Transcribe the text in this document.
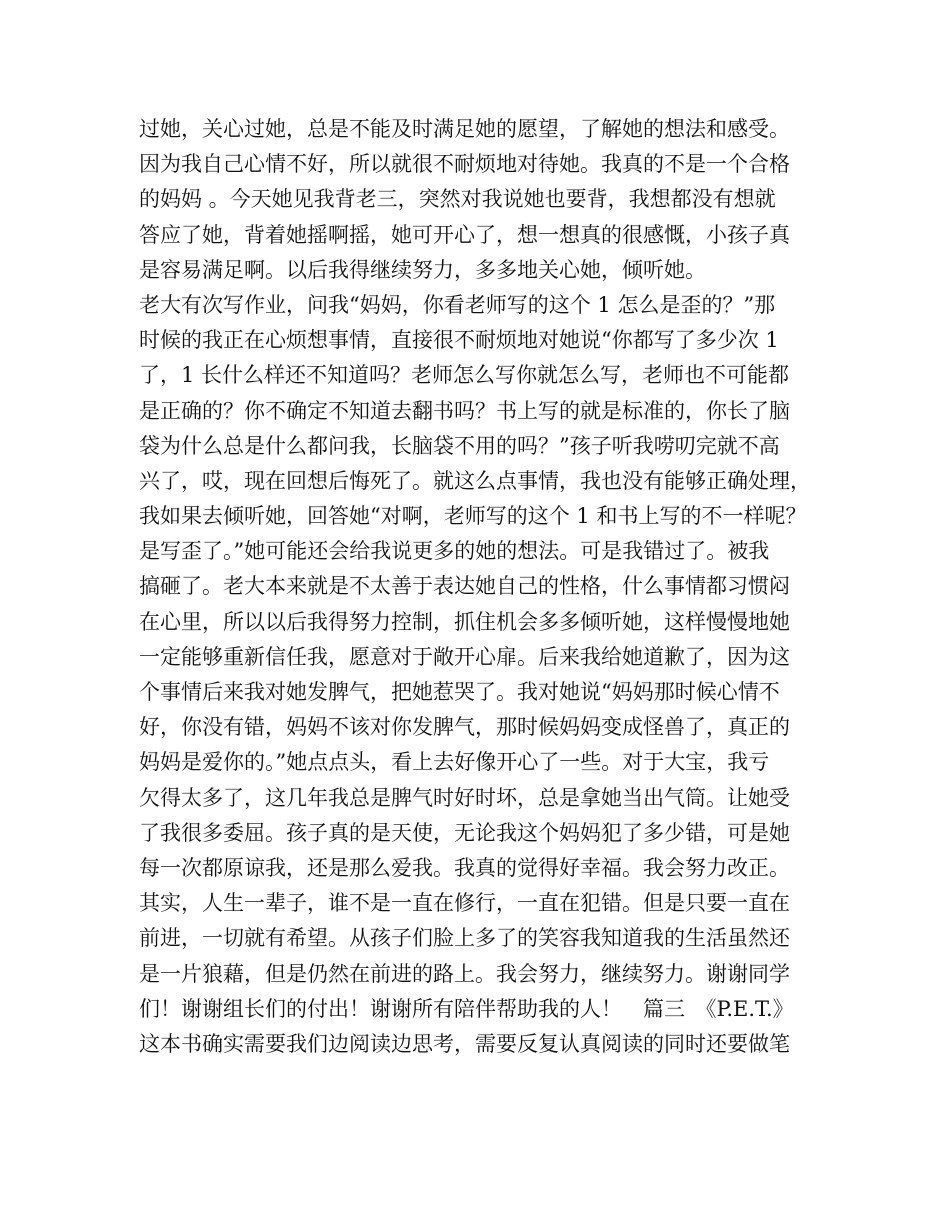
过她，关心过她，总是不能及时满足她的愿望，了解她的想法和感受。
因为我自己心情不好，所以就很不耐烦地对待她。我真的不是一个合格
的妈妈 。今天她见我背老三，突然对我说她也要背，我想都没有想就
答应了她，背着她摇啊摇，她可开心了，想一想真的很感慨，小孩子真
是容易满足啊。以后我得继续努力，多多地关心她，倾听她。
老大有次写作业，问我“妈妈，你看老师写的这个 1 怎么是歪的？”那
时候的我正在心烦想事情，直接很不耐烦地对她说“你都写了多少次 1
了，1 长什么样还不知道吗？老师怎么写你就怎么写，老师也不可能都
是正确的？你不确定不知道去翻书吗？书上写的就是标准的，你长了脑
袋为什么总是什么都问我，长脑袋不用的吗？”孩子听我唠叨完就不高
兴了，哎，现在回想后悔死了。就这么点事情，我也没有能够正确处理，
我如果去倾听她，回答她“对啊，老师写的这个 1 和书上写的不一样呢？
是写歪了。”她可能还会给我说更多的她的想法。可是我错过了。被我
搞砸了。老大本来就是不太善于表达她自己的性格，什么事情都习惯闷
在心里，所以以后我得努力控制，抓住机会多多倾听她，这样慢慢地她
一定能够重新信任我，愿意对于敞开心扉。后来我给她道歉了，因为这
个事情后来我对她发脾气，把她惹哭了。我对她说“妈妈那时候心情不
好，你没有错，妈妈不该对你发脾气，那时候妈妈变成怪兽了，真正的
妈妈是爱你的。”她点点头，看上去好像开心了一些。对于大宝，我亏
欠得太多了，这几年我总是脾气时好时坏，总是拿她当出气筒。让她受
了我很多委屈。孩子真的是天使，无论我这个妈妈犯了多少错，可是她
每一次都原谅我，还是那么爱我。我真的觉得好幸福。我会努力改正。
其实，人生一辈子，谁不是一直在修行，一直在犯错。但是只要一直在
前进，一切就有希望。从孩子们脸上多了的笑容我知道我的生活虽然还
是一片狼藉，但是仍然在前进的路上。我会努力，继续努力。谢谢同学
们！谢谢组长们的付出！谢谢所有陪伴帮助我的人！　篇三　《P.E.T.》
这本书确实需要我们边阅读边思考，需要反复认真阅读的同时还要做笔
